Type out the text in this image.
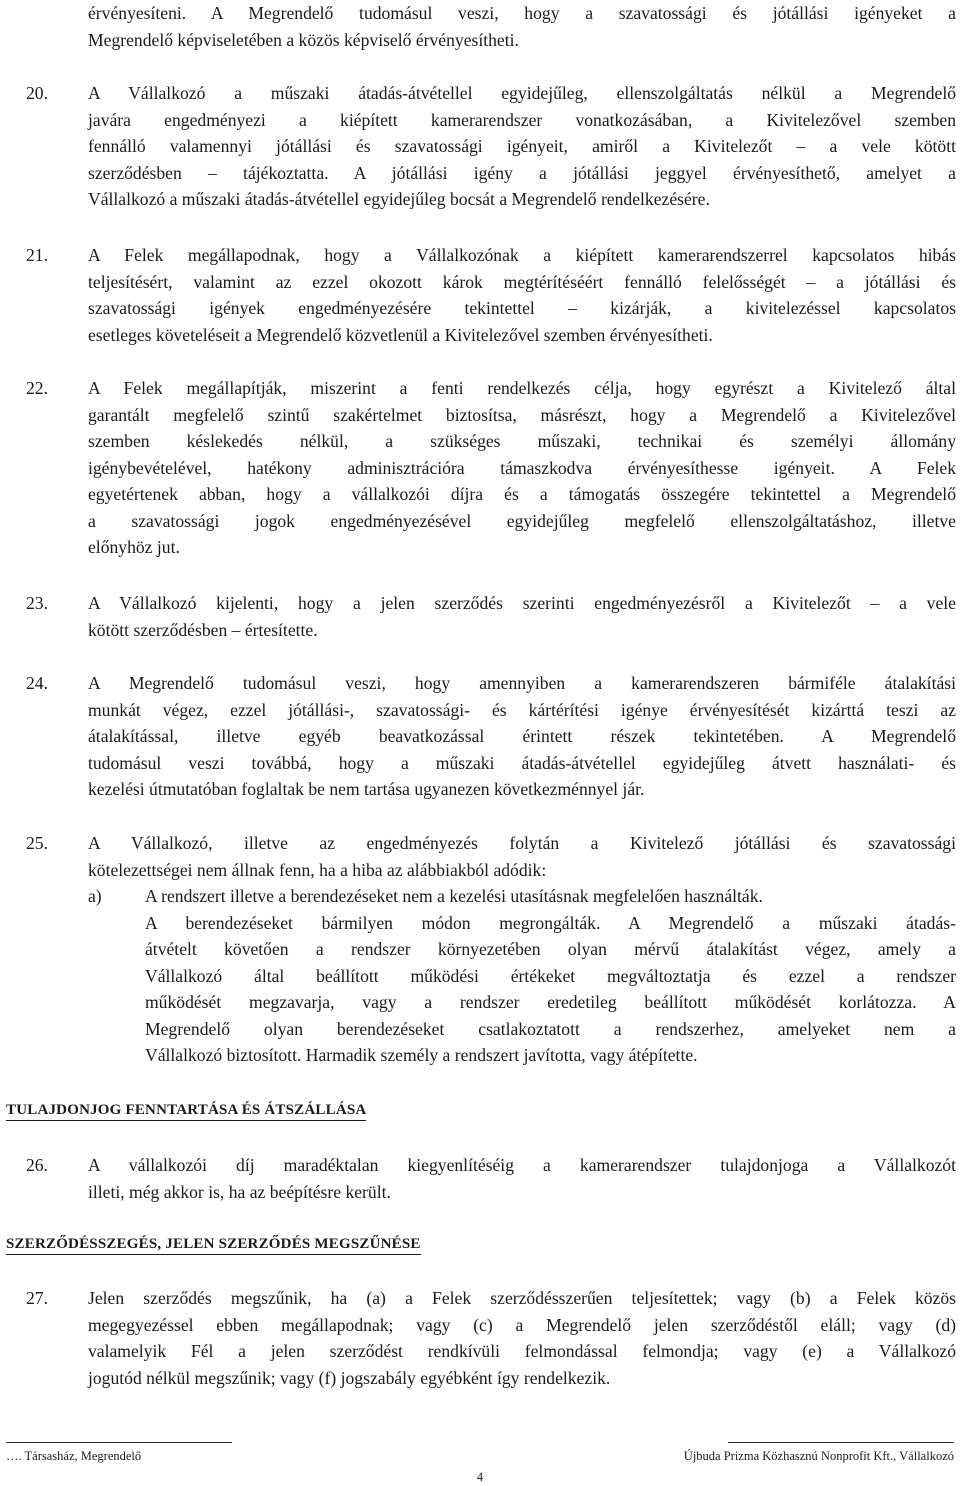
érvényesíteni. A Megrendelő tudomásul veszi, hogy a szavatossági és jótállási igényeket a
Megrendelő képviseletében a közös képviselő érvényesítheti.
20. A Vállalkozó a műszaki átadás-átvétellel egyidejűleg, ellenszolgáltatás nélkül a Megrendelő
javára engedményezi a kiépített kamerarendszer vonatkozásában, a Kivitelezővel szemben
fennálló valamennyi jótállási és szavatossági igényeit, amiről a Kivitelezőt – a vele kötött
szerződésben – tájékoztatta. A jótállási igény a jótállási jeggyel érvényesíthető, amelyet a
Vállalkozó a műszaki átadás-átvétellel egyidejűleg bocsát a Megrendelő rendelkezésére.
21. A Felek megállapodnak, hogy a Vállalkozónak a kiépített kamerarendszerrel kapcsolatos hibás
teljesítésért, valamint az ezzel okozott károk megtérítéséért fennálló felelősségét – a jótállási és
szavatossági igények engedményezésére tekintettel – kizárják, a kivitelezéssel kapcsolatos
esetleges követeléseit a Megrendelő közvetlenül a Kivitelezővel szemben érvényesítheti.
22. A Felek megállapítják, miszerint a fenti rendelkezés célja, hogy egyrészt a Kivitelező által
garantált megfelelő szintű szakértelmet biztosítsa, másrészt, hogy a Megrendelő a Kivitelezővel
szemben késlekedés nélkül, a szükséges műszaki, technikai és személyi állomány
igénybevételével, hatékony adminisztrációra támaszkodva érvényesíthesse igényeit. A Felek
egyetértenek abban, hogy a vállalkozói díjra és a támogatás összegére tekintettel a Megrendelő
a szavatossági jogok engedményezésével egyidejűleg megfelelő ellenszolgáltatáshoz, illetve
előnyhöz jut.
23. A Vállalkozó kijelenti, hogy a jelen szerződés szerinti engedményezésről a Kivitelezőt – a vele
kötött szerződésben – értesítette.
24. A Megrendelő tudomásul veszi, hogy amennyiben a kamerarendszeren bármiféle átalakítási
munkát végez, ezzel jótállási-, szavatossági- és kártérítési igénye érvényesítését kizárttá teszi az
átalakítással, illetve egyéb beavatkozással érintett részek tekintetében. A Megrendelő
tudomásul veszi továbbá, hogy a műszaki átadás-átvétellel egyidejűleg átvett használati- és
kezelési útmutatóban foglaltak be nem tartása ugyanezen következménnyel jár.
25. A Vállalkozó, illetve az engedményezés folytán a Kivitelező jótállási és szavatossági
kötelezettségei nem állnak fenn, ha a hiba az alábbiakból adódik:
a) A rendszert illetve a berendezéseket nem a kezelési utasításnak megfelelően használták.
A berendezéseket bármilyen módon megrongálták. A Megrendelő a műszaki átadás-
átvételt követően a rendszer környezetében olyan mérvű átalakítást végez, amely a
Vállalkozó által beállított működési értékeket megváltoztatja és ezzel a rendszer
működését megzavarja, vagy a rendszer eredetileg beállított működését korlátozza. A
Megrendelő olyan berendezéseket csatlakoztatott a rendszerhez, amelyeket nem a
Vállalkozó biztosított. Harmadik személy a rendszert javította, vagy átépítette.
TULAJDONJOG FENNTARTÁSA ÉS ÁTSZÁLLÁSA
26. A vállalkozói díj maradéktalan kiegyenlítéséig a kamerarendszer tulajdonjoga a Vállalkozót
illeti, még akkor is, ha az beépítésre került.
SZERZŐDÉSSZEGÉS, JELEN SZERZŐDÉS MEGSZŰNÉSE
27. Jelen szerződés megszűnik, ha (a) a Felek szerződésszerűen teljesítettek; vagy (b) a Felek közös
megegyezéssel ebben megállapodnak; vagy (c) a Megrendelő jelen szerződéstől eláll; vagy (d)
valamelyik Fél a jelen szerződést rendkívüli felmondással felmondja; vagy (e) a Vállalkozó
jogutód nélkül megszűnik; vagy (f) jogszabály egyébként így rendelkezik.
…. Társasház, Megrendelő	Újbuda Prizma Közhasznú Nonprofit Kft., Vállalkozó
4
